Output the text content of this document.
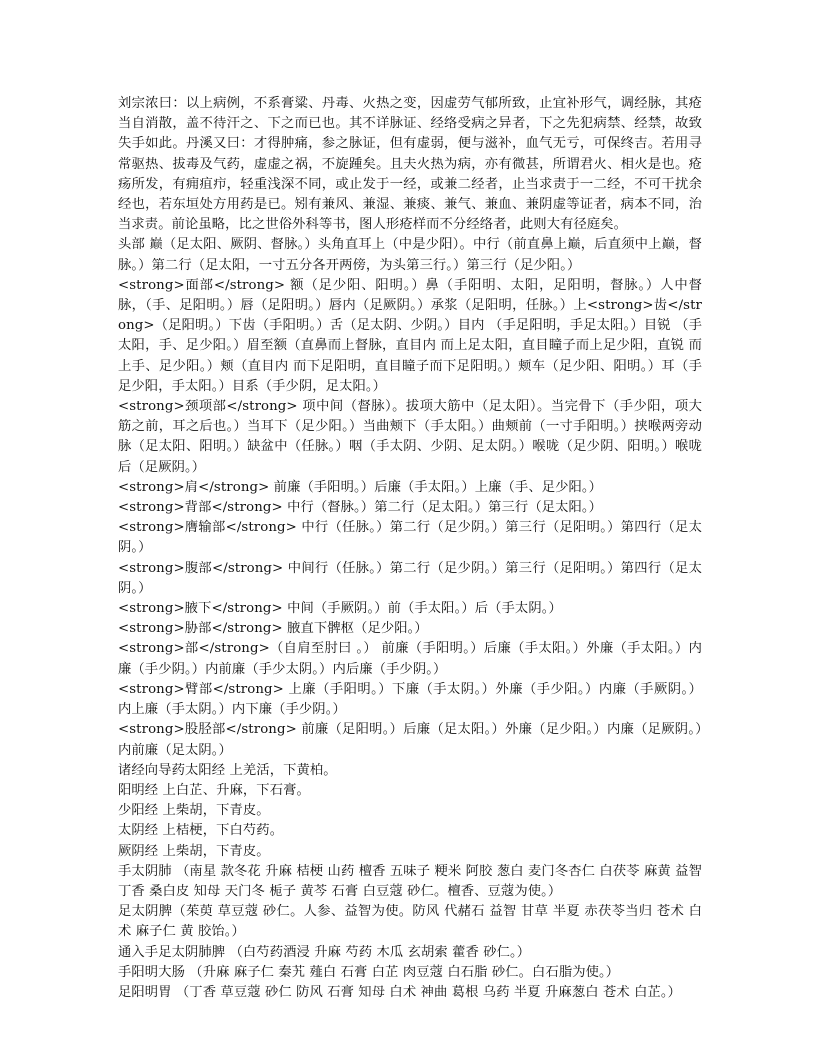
刘宗浓曰：以上病例，不系膏粱、丹毒、火热之变，因虚劳气郁所致，止宜补形气，调经脉，其疮当自消散，盖不待汗之、下之而已也。其不详脉证、经络受病之异者，下之先犯病禁、经禁，故致失手如此。丹溪又曰：才得肿痛，参之脉证，但有虚弱，便与滋补，血气无亏，可保终吉。若用寻常驱热、拔毒及气药，虚虚之祸，不旋踵矣。且夫火热为病，亦有微甚，所谓君火、相火是也。疮疡所发，有痈疽疖，轻重浅深不同，或止发于一经，或兼二经者，止当求责于一二经，不可干扰余经也，若东垣处方用药是已。矧有兼风、兼湿、兼痰、兼气、兼血、兼阴虚等证者，病本不同，治当求责。前论虽略，比之世俗外科等书，图人形疮样而不分经络者，此则大有径庭矣。

头部 巅（足太阳、厥阴、督脉。）头角直耳上（中是少阳）。中行（前直鼻上巅，后直须中上巅，督脉。）第二行（足太阳，一寸五分各开两傍，为头第三行。）第三行（足少阳。）

<strong>面部</strong> 额（足少阳、阳明。）鼻（手阳明、太阳，足阳明，督脉。）人中督脉，（手、足阳明。）唇（足阳明。）唇内（足厥阴。）承浆（足阳明，任脉。）上<strong>齿</strong>（足阳明。）下齿（手阳明。）舌（足太阴、少阴。）目内 （手足阳明，手足太阳。）目锐 （手太阳，手、足少阳。）眉至额（直鼻而上督脉，直目内 而上足太阳，直目瞳子而上足少阳，直锐 而上手、足少阳。）颊（直目内 而下足阳明，直目瞳子而下足阳明。）颊车（足少阳、阳明。）耳（手足少阳，手太阳。）目系（手少阴，足太阳。）

<strong>颈项部</strong> 项中间（督脉）。拔项大筋中（足太阳）。当完骨下（手少阳，项大筋之前，耳之后也。）当耳下（足少阳。）当曲颊下（手太阳。）曲颊前（一寸手阳明。）挟喉两旁动脉（足太阳、阳明。）缺盆中（任脉。）咽（手太阴、少阴、足太阴。）喉咙（足少阴、阳明。）喉咙后（足厥阴。）

<strong>肩</strong> 前廉（手阳明。）后廉（手太阳。）上廉（手、足少阳。）

<strong>背部</strong> 中行（督脉。）第二行（足太阳。）第三行（足太阳。）

<strong>膺输部</strong> 中行（任脉。）第二行（足少阴。）第三行（足阳明。）第四行（足太阴。）

<strong>腹部</strong> 中间行（任脉。）第二行（足少阴。）第三行（足阳明。）第四行（足太阴。）

<strong>腋下</strong> 中间（手厥阴。）前（手太阳。）后（手太阴。）

<strong>胁部</strong> 腋直下髀枢（足少阳。）

<strong>部</strong>（自肩至肘曰 。） 前廉（手阳明。）后廉（手太阳。）外廉（手太阳。）内廉（手少阴。）内前廉（手少太阴。）内后廉（手少阴。）

<strong>臂部</strong> 上廉（手阳明。）下廉（手太阴。）外廉（手少阳。）内廉（手厥阴。）内上廉（手太阴。）内下廉（手少阴。）

<strong>股胫部</strong> 前廉（足阳明。）后廉（足太阳。）外廉（足少阳。）内廉（足厥阴。）内前廉（足太阴。）

诸经向导药太阳经 上羌活，下黄柏。

阳明经 上白芷、升麻，下石膏。

少阳经 上柴胡，下青皮。

太阴经 上桔梗，下白芍药。

厥阴经 上柴胡，下青皮。

手太阴肺 （南星 款冬花 升麻 桔梗 山药 檀香 五味子 粳米 阿胶 葱白 麦门冬杏仁 白茯苓 麻黄 益智 丁香 桑白皮 知母 天门冬 栀子 黄芩 石膏 白豆蔻 砂仁。檀香、豆蔻为使。）

足太阴脾（茱萸 草豆蔻 砂仁。人参、益智为使。防风 代赭石 益智 甘草 半夏 赤茯苓当归 苍术 白术 麻子仁 黄 胶饴。）

通入手足太阴肺脾 （白芍药酒浸 升麻 芍药 木瓜 玄胡索 藿香 砂仁。）

手阳明大肠 （升麻 麻子仁 秦艽 薤白 石膏 白芷 肉豆蔻 白石脂 砂仁。白石脂为使。）

足阳明胃 （丁香 草豆蔻 砂仁 防风 石膏 知母 白术 神曲 葛根 乌药 半夏 升麻葱白 苍术 白芷。）
